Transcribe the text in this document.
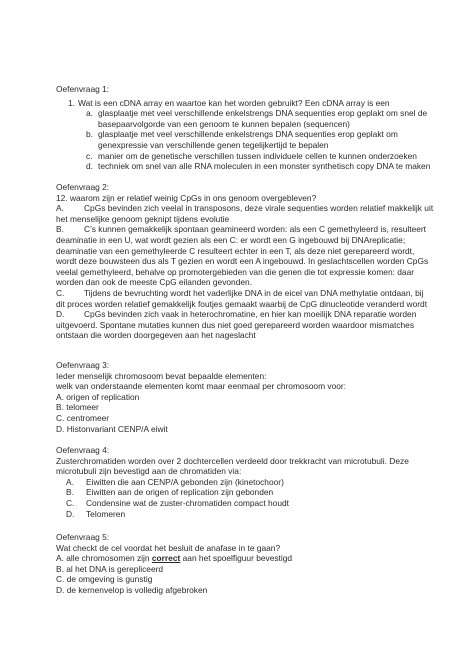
Oefenvraag 1:
1. Wat is een cDNA array en waartoe kan het worden gebruikt? Een cDNA array is een
a. glasplaatje met veel verschillende enkelstrengs DNA sequenties erop geplakt om snel de
basepaarvolgorde van een genoom te kunnen bepalen (sequencen)
b. glasplaatje met veel verschillende enkelstrengs DNA sequenties erop geplakt om
genexpressie van verschillende genen tegelijkertijd te bepalen
c. manier om de genetische verschillen tussen individuele cellen te kunnen onderzoeken
d. techniek om snel van alle RNA moleculen in een monster synthetisch copy DNA te maken
Oefenvraag 2:
12. waarom zijn er relatief weinig CpGs in ons genoom overgebleven?
A. CpGs bevinden zich veelal in transposons, deze virale sequenties worden relatief makkelijk uit
het menselijke genoom geknipt tijdens evolutie
B. C’s kunnen gemakkelijk spontaan geamineerd worden: als een C gemethyleerd is, resulteert
deaminatie in een U, wat wordt gezien als een C: er wordt een G ingebouwd bij DNAreplicatie;
deaminatie van een gemethyleerde C resulteert echter in een T, als deze niet gerepareerd wordt,
wordt deze bouwsteen dus als T gezien en wordt een A ingebouwd. In geslachtscellen worden CpGs
veelal gemethyleerd, behalve op promotergebieden van die genen die tot expressie komen: daar
worden dan ook de meeste CpG eilanden gevonden.
C. Tijdens de bevruchting wordt het vaderlijke DNA in de eicel van DNA methylatie ontdaan, bij
dit proces worden relatief gemakkelijk foutjes gemaakt waarbij de CpG dinucleotide veranderd wordt
D. CpGs bevinden zich vaak in heterochromatine, en hier kan moeilijk DNA reparatie worden
uitgevoerd. Spontane mutaties kunnen dus niet goed gerepareerd worden waardoor mismatches
ontstaan die worden doorgegeven aan het nageslacht
Oefenvraag 3:
Ieder menselijk chromosoom bevat bepaalde elementen:
welk van onderstaande elementen komt maar eenmaal per chromosoom voor:
A. origen of replication
B. telomeer
C. centromeer
D. Histonvariant CENP/A eiwit
Oefenvraag 4:
Zusterchromatiden worden over 2 dochtercellen verdeeld door trekkracht van microtubuli. Deze
microtubuli zijn bevestigd aan de chromatiden via:
A. Eiwitten die aan CENP/A gebonden zijn (kinetochoor)
B. Eiwitten aan de origen of replication zijn gebonden
C. Condensine wat de zuster-chromatiden compact houdt
D. Telomeren
Oefenvraag 5:
Wat checkt de cel voordat het besluit de anafase in te gaan?
A. alle chromosomen zijn correct aan het spoelfiguur bevestigd
B. al het DNA is gerepliceerd
C. de omgeving is gunstig
D. de kernenvelop is volledig afgebroken
